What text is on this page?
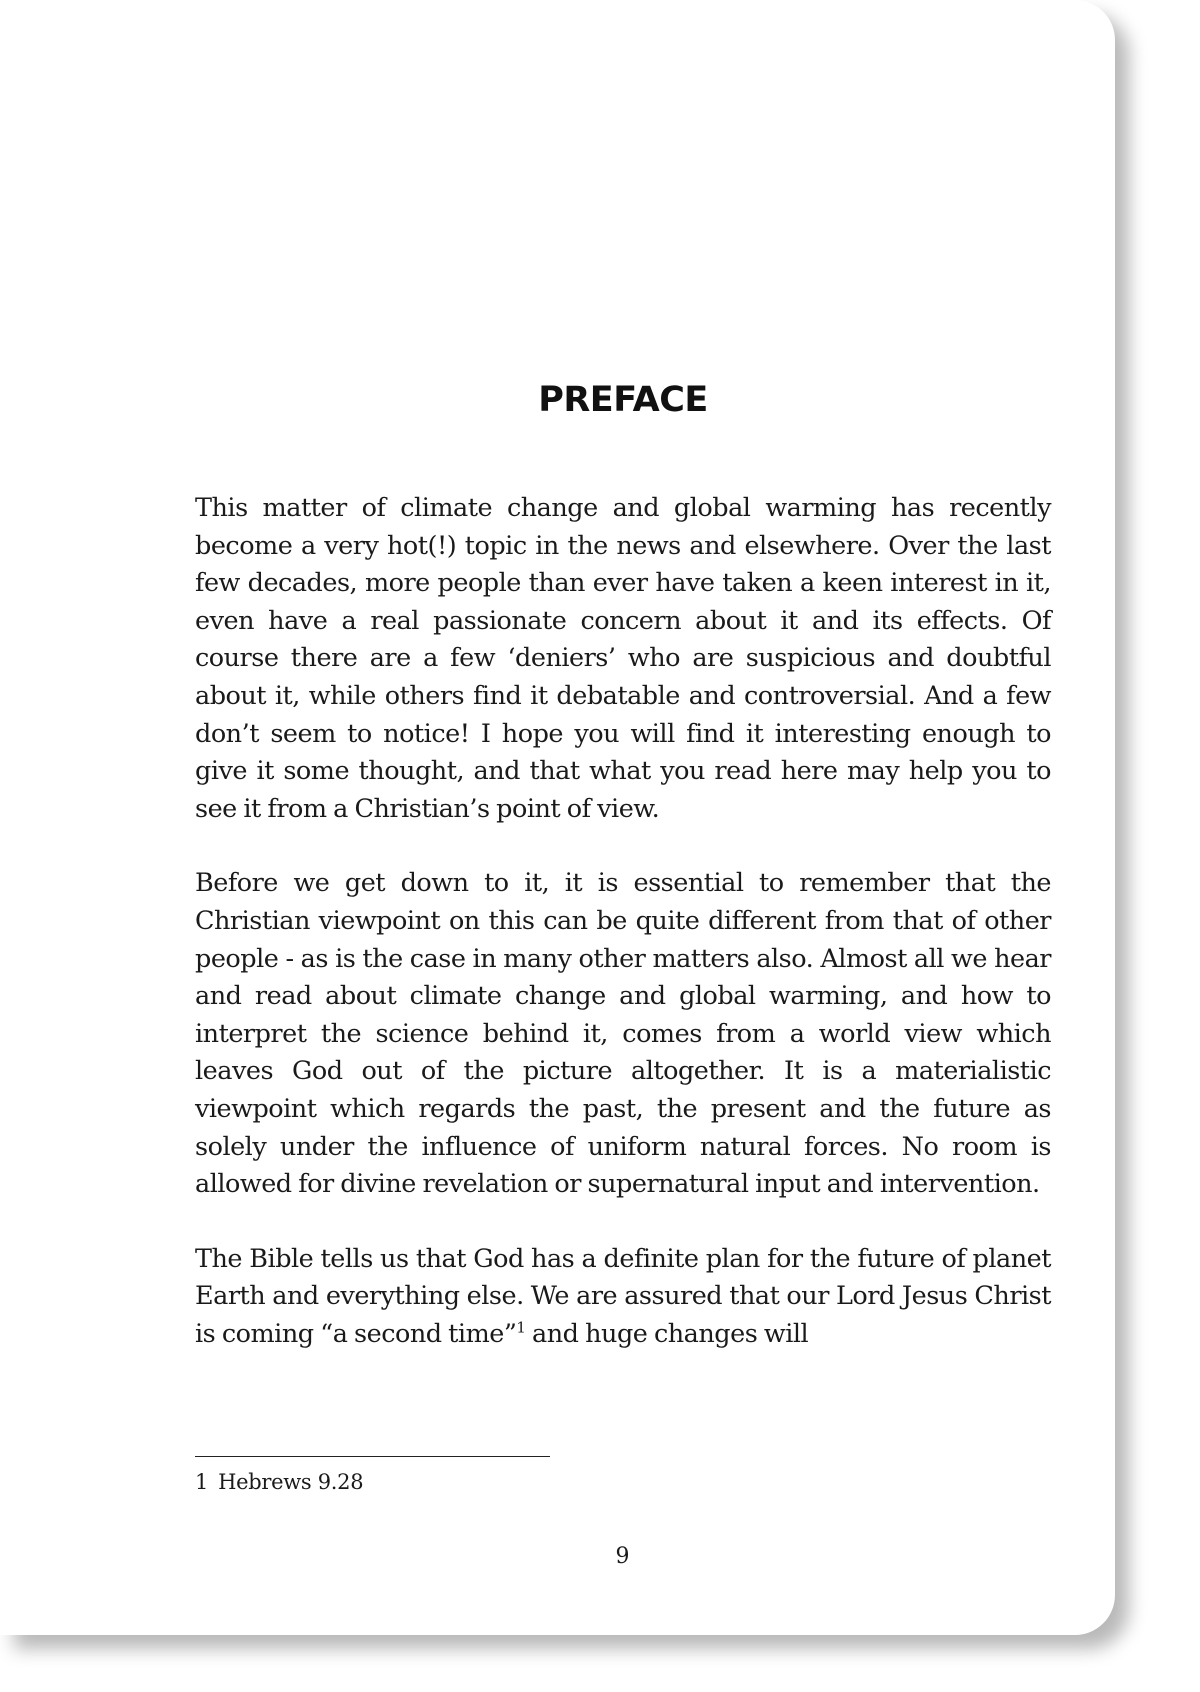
PREFACE

This matter of climate change and global warming has recently become a very hot(!) topic in the news and elsewhere. Over the last few decades, more people than ever have taken a keen interest in it, even have a real passionate concern about it and its effects. Of course there are a few ‘deniers’ who are suspicious and doubtful about it, while others find it debatable and controversial. And a few don’t seem to notice! I hope you will find it interesting enough to give it some thought, and that what you read here may help you to see it from a Christian’s point of view.

Before we get down to it, it is essential to remember that the Christian viewpoint on this can be quite different from that of other people - as is the case in many other matters also. Almost all we hear and read about climate change and global warming, and how to interpret the science behind it, comes from a world view which leaves God out of the picture altogether. It is a materialistic viewpoint which regards the past, the present and the future as solely under the influence of uniform natural forces. No room is allowed for divine revelation or supernatural input and intervention.

The Bible tells us that God has a definite plan for the future of planet Earth and everything else. We are assured that our Lord Jesus Christ is coming “a second time”$^1$ and huge changes will

1 Hebrews 9.28
9
